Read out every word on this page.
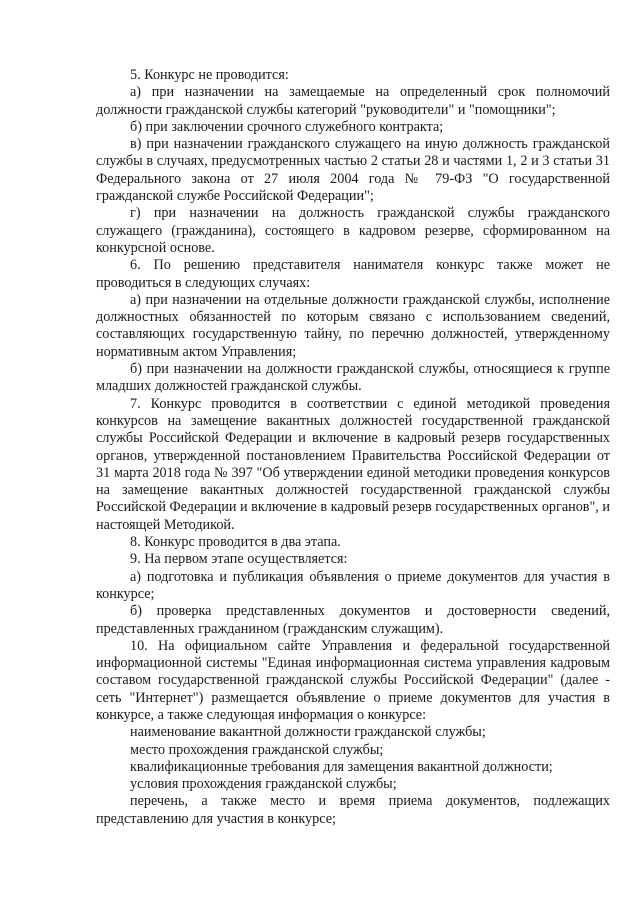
5. Конкурс не проводится:

а) при назначении на замещаемые на определенный срок полномочий должности гражданской службы категорий "руководители" и "помощники";

б) при заключении срочного служебного контракта;

в) при назначении гражданского служащего на иную должность гражданской службы в случаях, предусмотренных частью 2 статьи 28 и частями 1, 2 и 3 статьи 31 Федерального закона от 27 июля 2004 года № 79-ФЗ "О государственной гражданской службе Российской Федерации";

г) при назначении на должность гражданской службы гражданского служащего (гражданина), состоящего в кадровом резерве, сформированном на конкурсной основе.

6. По решению представителя нанимателя конкурс также может не проводиться в следующих случаях:

а) при назначении на отдельные должности гражданской службы, исполнение должностных обязанностей по которым связано с использованием сведений, составляющих государственную тайну, по перечню должностей, утвержденному нормативным актом Управления;

б) при назначении на должности гражданской службы, относящиеся к группе младших должностей гражданской службы.

7. Конкурс проводится в соответствии с единой методикой проведения конкурсов на замещение вакантных должностей государственной гражданской службы Российской Федерации и включение в кадровый резерв государственных органов, утвержденной постановлением Правительства Российской Федерации от 31 марта 2018 года № 397 "Об утверждении единой методики проведения конкурсов на замещение вакантных должностей государственной гражданской службы Российской Федерации и включение в кадровый резерв государственных органов", и настоящей Методикой.

8. Конкурс проводится в два этапа.

9. На первом этапе осуществляется:

а) подготовка и публикация объявления о приеме документов для участия в конкурсе;

б) проверка представленных документов и достоверности сведений, представленных гражданином (гражданским служащим).

10. На официальном сайте Управления и федеральной государственной информационной системы "Единая информационная система управления кадровым составом государственной гражданской службы Российской Федерации" (далее - сеть "Интернет") размещается объявление о приеме документов для участия в конкурсе, а также следующая информация о конкурсе:

наименование вакантной должности гражданской службы;

место прохождения гражданской службы;

квалификационные требования для замещения вакантной должности;

условия прохождения гражданской службы;

перечень, а также место и время приема документов, подлежащих представлению для участия в конкурсе;
